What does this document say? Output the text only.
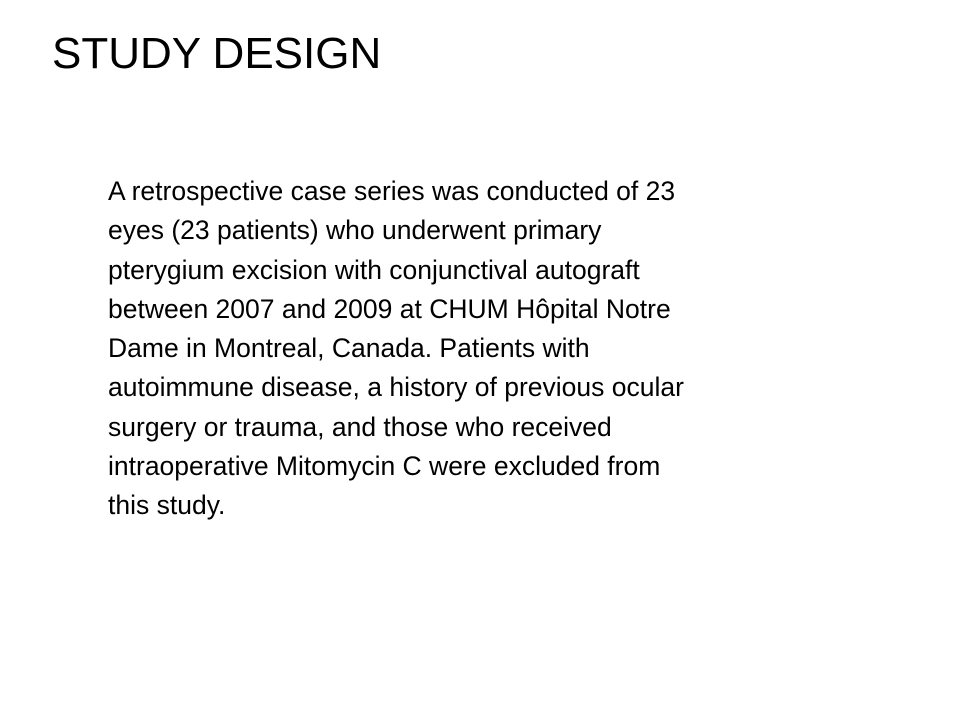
STUDY DESIGN
A retrospective case series was conducted of 23
eyes (23 patients) who underwent primary
pterygium excision with conjunctival autograft
between 2007 and 2009 at CHUM Hôpital Notre
Dame in Montreal, Canada. Patients with
autoimmune disease, a history of previous ocular
surgery or trauma, and those who received
intraoperative Mitomycin C were excluded from
this study.
